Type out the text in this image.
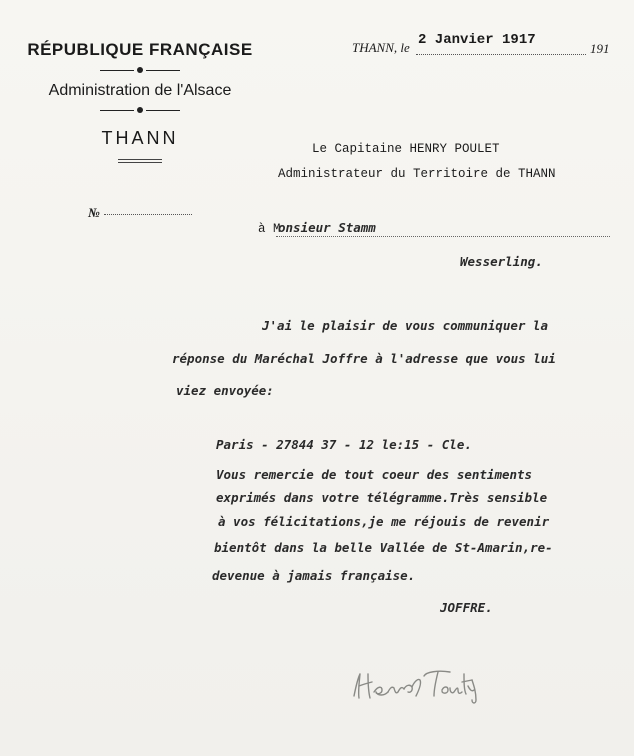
RÉPUBLIQUE FRANÇAISE
Administration de l'Alsace
THANN
№
THANN, le 2 Janvier 1917
191
Le Capitaine HENRY POULET
Administrateur du Territoire de THANN
à M
onsieur Stamm
Wesserling.
J'ai le plaisir de vous communiquer la
réponse du Maréchal Joffre à l'adresse que vous lui
viez envoyée:
Paris - 27844 37 - 12 le:15 - Cle.
Vous remercie de tout coeur des sentiments
exprimés dans votre télégramme.Très sensible
à vos félicitations,je me réjouis de revenir
bientôt dans la belle Vallée de St-Amarin,re-
devenue à jamais française.
JOFFRE.
